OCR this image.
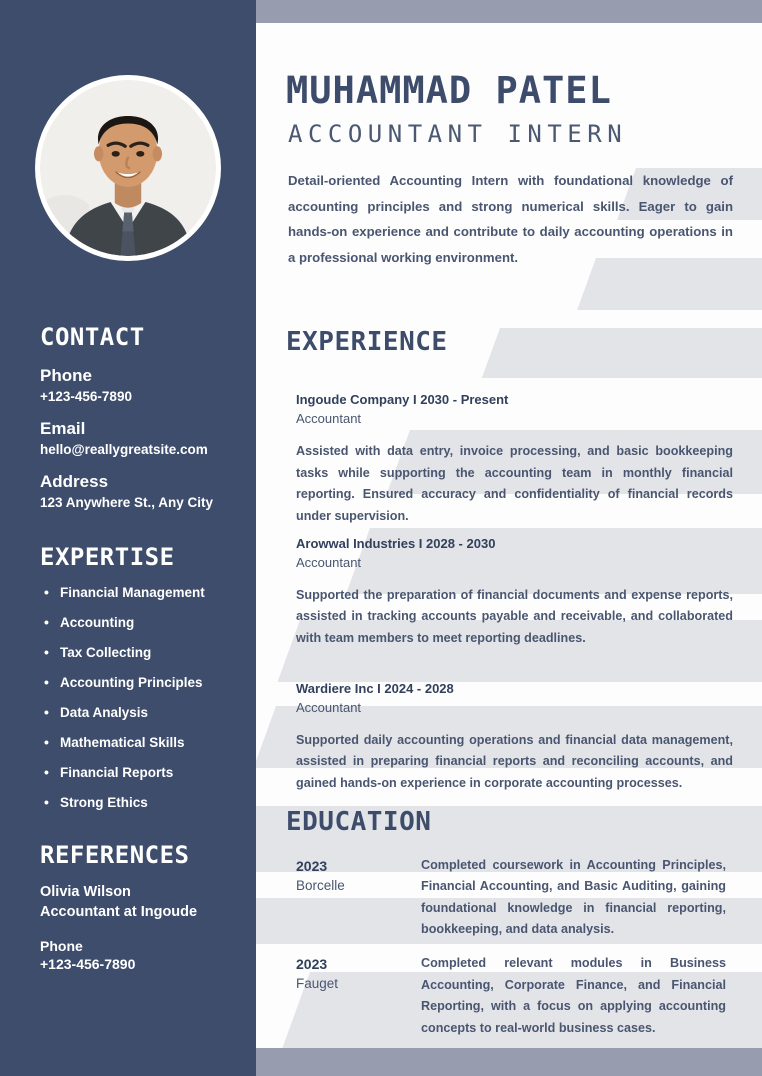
CONTACT

Phone

+123-456-7890

Email

hello@reallygreatsite.com

Address

123 Anywhere St., Any City

EXPERTISE
• Financial Management
• Accounting
• Tax Collecting
• Accounting Principles
• Data Analysis
• Mathematical Skills
• Financial Reports
• Strong Ethics
REFERENCES

Olivia Wilson

Accountant at Ingoude

Phone

+123-456-7890

MUHAMMAD PATEL
ACCOUNTANT INTERN

Detail-oriented Accounting Intern with foundational knowledge of accounting principles and strong numerical skills. Eager to gain hands-on experience and contribute to daily accounting operations in a professional working environment.

EXPERIENCE

Ingoude Company I 2030 - Present

Accountant

Assisted with data entry, invoice processing, and basic bookkeeping tasks while supporting the accounting team in monthly financial reporting. Ensured accuracy and confidentiality of financial records under supervision.

Arowwal Industries I 2028 - 2030

Accountant

Supported the preparation of financial documents and expense reports, assisted in tracking accounts payable and receivable, and collaborated with team members to meet reporting deadlines.

Wardiere Inc I 2024 - 2028

Accountant

Supported daily accounting operations and financial data management, assisted in preparing financial reports and reconciling accounts, and gained hands-on experience in corporate accounting processes.

EDUCATION

2023

Borcelle

Completed coursework in Accounting Principles, Financial Accounting, and Basic Auditing, gaining foundational knowledge in financial reporting, bookkeeping, and data analysis.

2023

Fauget

Completed relevant modules in Business Accounting, Corporate Finance, and Financial Reporting, with a focus on applying accounting concepts to real-world business cases.
